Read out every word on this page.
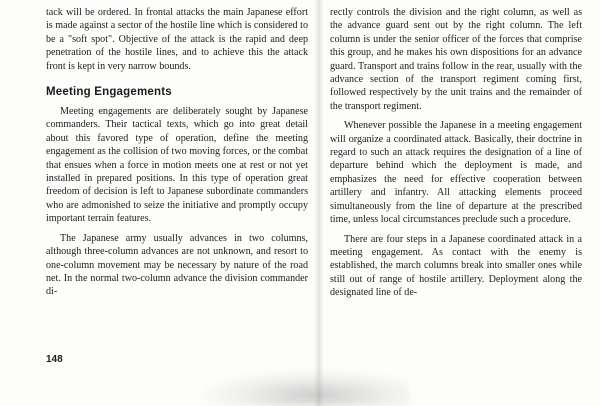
tack will be ordered. In frontal attacks the main Japanese effort is made against a sector of the hostile line which is considered to be a "soft spot". Objective of the attack is the rapid and deep penetration of the hostile lines, and to achieve this the attack front is kept in very narrow bounds.

Meeting Engagements

Meeting engagements are deliberately sought by Japanese commanders. Their tactical texts, which go into great detail about this favored type of operation, define the meeting engagement as the collision of two moving forces, or the combat that ensues when a force in motion meets one at rest or not yet installed in prepared positions. In this type of operation great freedom of decision is left to Japanese subordinate commanders who are admonished to seize the initiative and promptly occupy important terrain features.

The Japanese army usually advances in two columns, although three-column advances are not unknown, and resort to one-column movement may be necessary by nature of the road net. In the normal two-column advance the division commander di-

rectly controls the division and the right column, as well as the advance guard sent out by the right column. The left column is under the senior officer of the forces that comprise this group, and he makes his own dispositions for an advance guard. Transport and trains follow in the rear, usually with the advance section of the transport regiment coming first, followed respectively by the unit trains and the remainder of the transport regiment.

Whenever possible the Japanese in a meeting engagement will organize a coordinated attack. Basically, their doctrine in regard to such an attack requires the designation of a line of departure behind which the deployment is made, and emphasizes the need for effective cooperation between artillery and infantry. All attacking elements proceed simultaneously from the line of departure at the prescribed time, unless local circumstances preclude such a procedure.

There are four steps in a Japanese coordinated attack in a meeting engagement. As contact with the enemy is established, the march columns break into smaller ones while still out of range of hostile artillery. Deployment along the designated line of de-

148
